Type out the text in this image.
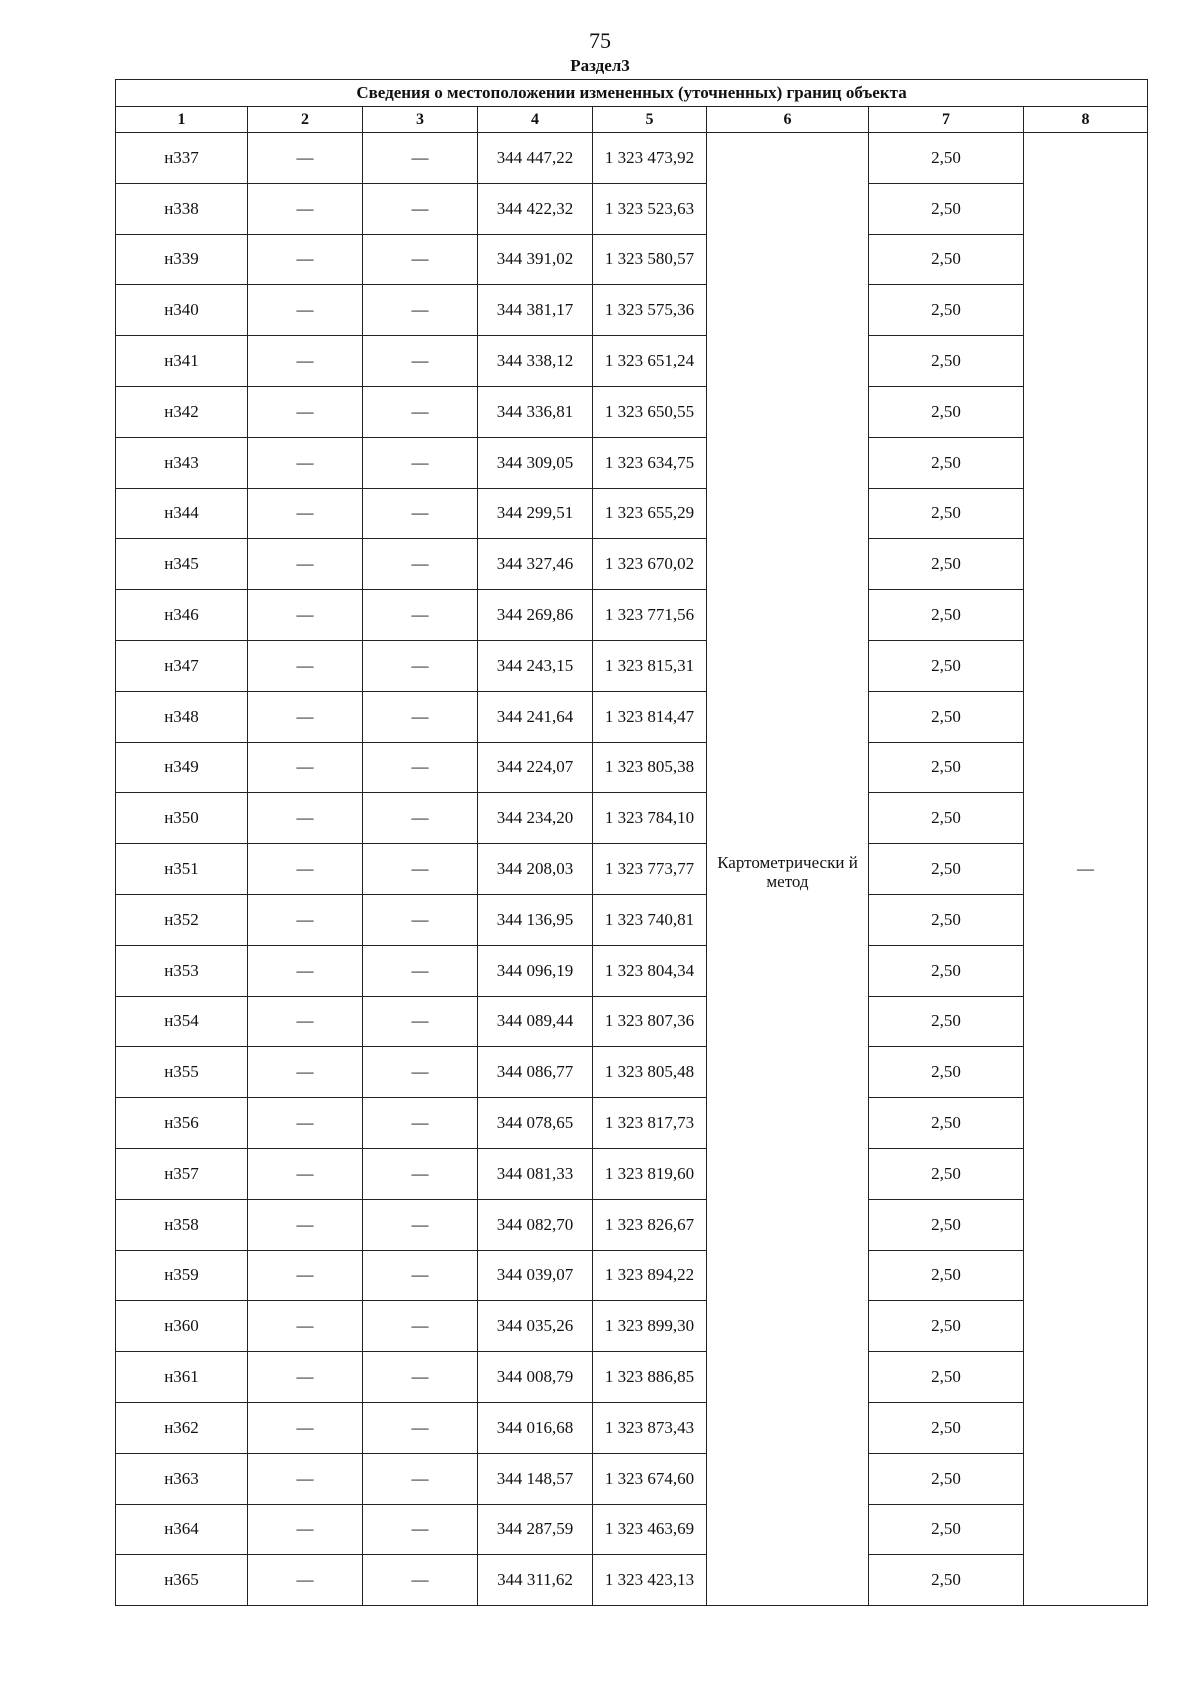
75
Раздел3
Сведения о местоположении измененных (уточненных) границ объекта							
1	2	3	4	5	6	7	8
н337	—	—	344 447,22	1 323 473,92	Картометрически й метод	2,50	—
н338	—	—	344 422,32	1 323 523,63		2,50	
н339	—	—	344 391,02	1 323 580,57		2,50	
н340	—	—	344 381,17	1 323 575,36		2,50	
н341	—	—	344 338,12	1 323 651,24		2,50	
н342	—	—	344 336,81	1 323 650,55		2,50	
н343	—	—	344 309,05	1 323 634,75		2,50	
н344	—	—	344 299,51	1 323 655,29		2,50	
н345	—	—	344 327,46	1 323 670,02		2,50	
н346	—	—	344 269,86	1 323 771,56		2,50	
н347	—	—	344 243,15	1 323 815,31		2,50	
н348	—	—	344 241,64	1 323 814,47		2,50	
н349	—	—	344 224,07	1 323 805,38		2,50	
н350	—	—	344 234,20	1 323 784,10		2,50	
н351	—	—	344 208,03	1 323 773,77		2,50	
н352	—	—	344 136,95	1 323 740,81		2,50	
н353	—	—	344 096,19	1 323 804,34		2,50	
н354	—	—	344 089,44	1 323 807,36		2,50	
н355	—	—	344 086,77	1 323 805,48		2,50	
н356	—	—	344 078,65	1 323 817,73		2,50	
н357	—	—	344 081,33	1 323 819,60		2,50	
н358	—	—	344 082,70	1 323 826,67		2,50	
н359	—	—	344 039,07	1 323 894,22		2,50	
н360	—	—	344 035,26	1 323 899,30		2,50	
н361	—	—	344 008,79	1 323 886,85		2,50	
н362	—	—	344 016,68	1 323 873,43		2,50	
н363	—	—	344 148,57	1 323 674,60		2,50	
н364	—	—	344 287,59	1 323 463,69		2,50	
н365	—	—	344 311,62	1 323 423,13		2,50	
